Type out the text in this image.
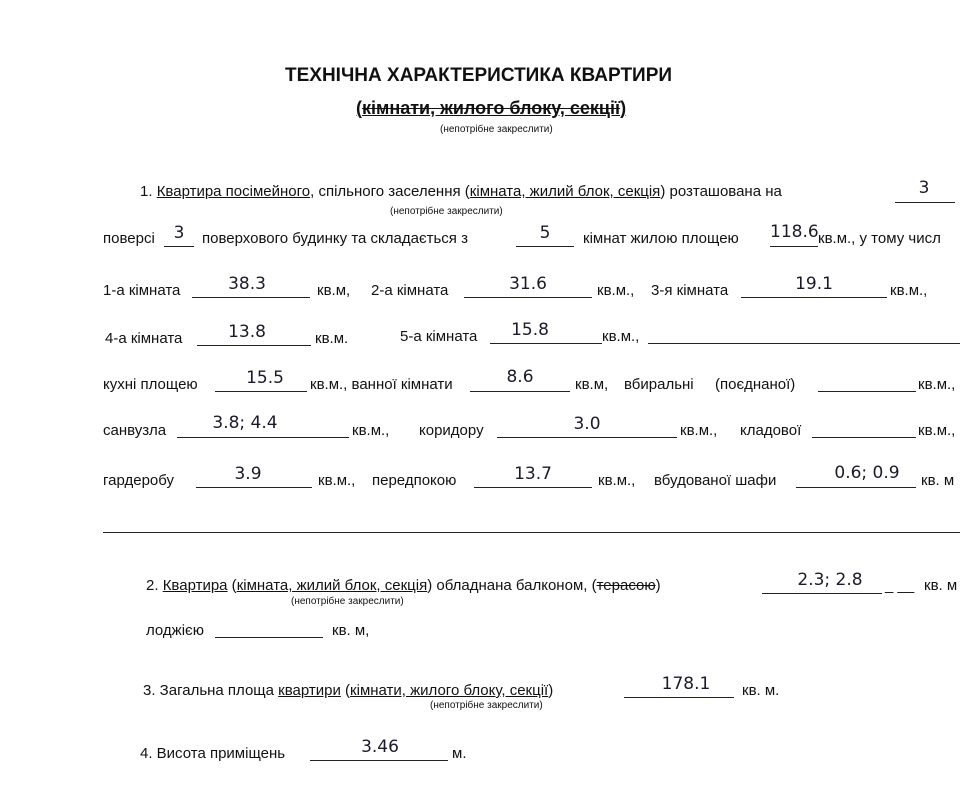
ТЕХНІЧНА ХАРАКТЕРИСТИКА КВАРТИРИ
(кімнати, жилого блоку, секції)
(непотрібне закреслити)
1. Квартира посімейного, спільного заселення (кімната, жилий блок, секція) розташована на	3
(непотрібне закреслити)
поверсі	3	поверхового будинку та складається з	5	кімнат жилою площею 118.6 кв.м., у тому числ
1-а кімната	38.3	кв.м, 2-а кімната	31.6	кв.м., 3-я кімната	19.1	кв.м.,
4-а кімната	13.8	кв.м.	5-а кімната	15.8	кв.м.,
кухні площею	15.5	кв.м., ванної кімнати	8.6	кв.м, вбиральні (поєднаної)	кв.м.,
санвузла	3.8; 4.4	кв.м., коридору	3.0	кв.м., кладової	кв.м.,
гардеробу	3.9	кв.м., передпокою	13.7	кв.м., вбудованої шафи	0.6; 0.9	кв. м
2. Квартира (кімната, жилий блок, секція) обладнана балконом, (терасою)
(непотрібне закреслити)
2.3; 2.8	_ __ кв. м
лоджією	кв. м,
3. Загальна площа квартири (кімнати, жилого блоку, секції)
(непотрібне закреслити)
178.1	кв. м.
4. Висота приміщень	3.46	м.
